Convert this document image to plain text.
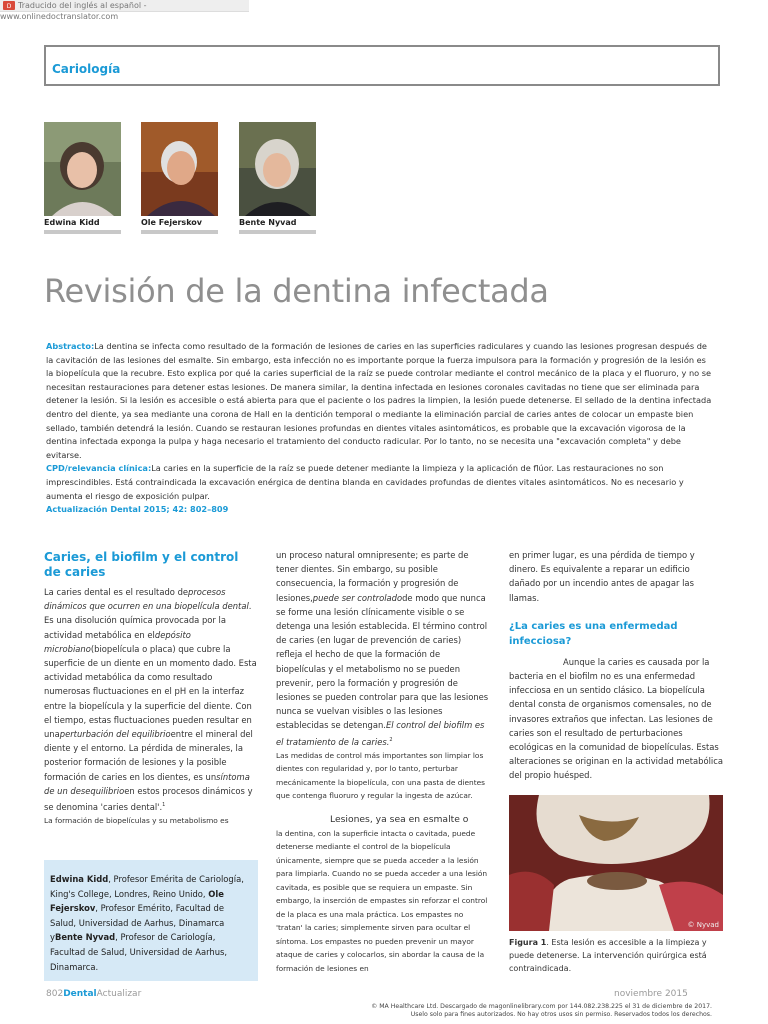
D Traducido del inglés al español - www.onlinedoctranslator.com
Cariología
Edwina Kidd	Ole Fejerskov	Bente Nyvad
Revisión de la dentina infectada
Abstracto:La dentina se infecta como resultado de la formación de lesiones de caries en las superficies radiculares y cuando las lesiones progresan después de la cavitación de las lesiones del esmalte. Sin embargo, esta infección no es importante porque la fuerza impulsora para la formación y progresión de la lesión es la biopelícula que la recubre. Esto explica por qué la caries superficial de la raíz se puede controlar mediante el control mecánico de la placa y el fluoruro, y no se necesitan restauraciones para detener estas lesiones. De manera similar, la dentina infectada en lesiones coronales cavitadas no tiene que ser eliminada para detener la lesión. Si la lesión es accesible o está abierta para que el paciente o los padres la limpien, la lesión puede detenerse. El sellado de la dentina infectada dentro del diente, ya sea mediante una corona de Hall en la dentición temporal o mediante la eliminación parcial de caries antes de colocar un empaste bien sellado, también detendrá la lesión. Cuando se restauran lesiones profundas en dientes vitales asintomáticos, es probable que la excavación vigorosa de la dentina infectada exponga la pulpa y haga necesario el tratamiento del conducto radicular. Por lo tanto, no se necesita una "excavación completa" y debe evitarse.
CPD/relevancia clínica:La caries en la superficie de la raíz se puede detener mediante la limpieza y la aplicación de flúor. Las restauraciones no son imprescindibles. Está contraindicada la excavación enérgica de dentina blanda en cavidades profundas de dientes vitales asintomáticos. No es necesario y aumenta el riesgo de exposición pulpar.
Actualización Dental 2015; 42: 802–809
Caries, el biofilm y el control de caries

La caries dental es el resultado deprocesos dinámicos que ocurren en una biopelícula dental. Es una disolución química provocada por la actividad metabólica en eldepósito microbiano(biopelícula o placa) que cubre la superficie de un diente en un momento dado. Esta actividad metabólica da como resultado numerosas fluctuaciones en el pH en la interfaz entre la biopelícula y la superficie del diente. Con el tiempo, estas fluctuaciones pueden resultar en unaperturbación del equilibrioentre el mineral del diente y el entorno. La pérdida de minerales, la posterior formación de lesiones y la posible formación de caries en los dientes, es unsíntoma de un desequilibrioen estos procesos dinámicos y se denomina 'caries dental'.$^1$

La formación de biopelículas y su metabolismo es

Edwina Kidd, Profesor Emérita de Cariología, King's College, Londres, Reino Unido, Ole Fejerskov, Profesor Emérito, Facultad de Salud, Universidad de Aarhus, Dinamarca yBente Nyvad, Profesor de Cariología, Facultad de Salud, Universidad de Aarhus, Dinamarca.

un proceso natural omnipresente; es parte de tener dientes. Sin embargo, su posible consecuencia, la formación y progresión de lesiones,puede ser controladode modo que nunca se forme una lesión clínicamente visible o se detenga una lesión establecida. El término control de caries (en lugar de prevención de caries) refleja el hecho de que la formación de biopelículas y el metabolismo no se pueden prevenir, pero la formación y progresión de lesiones se pueden controlar para que las lesiones nunca se vuelvan visibles o las lesiones establecidas se detengan.El control del biofilm es el tratamiento de la caries.$^2$

Las medidas de control más importantes son limpiar los dientes con regularidad y, por lo tanto, perturbar mecánicamente la biopelícula, con una pasta de dientes que contenga fluoruro y regular la ingesta de azúcar.

Lesiones, ya sea en esmalte o

la dentina, con la superficie intacta o cavitada, puede detenerse mediante el control de la biopelícula únicamente, siempre que se pueda acceder a la lesión para limpiarla. Cuando no se pueda acceder a una lesión cavitada, es posible que se requiera un empaste. Sin embargo, la inserción de empastes sin reforzar el control de la placa es una mala práctica. Los empastes no 'tratan' la caries; simplemente sirven para ocultar el síntoma. Los empastes no pueden prevenir un mayor ataque de caries y colocarlos, sin abordar la causa de la formación de lesiones en

en primer lugar, es una pérdida de tiempo y dinero. Es equivalente a reparar un edificio dañado por un incendio antes de apagar las llamas.

¿La caries es una enfermedad infecciosa?

Aunque la caries es causada por la bacteria en el biofilm no es una enfermedad infecciosa en un sentido clásico. La biopelícula dental consta de organismos comensales, no de invasores extraños que infectan. Las lesiones de caries son el resultado de perturbaciones ecológicas en la comunidad de biopelículas. Estas alteraciones se originan en la actividad metabólica del propio huésped.

© Nyvad
Figura 1. Esta lesión es accesible a la limpieza y puede detenerse. La intervención quirúrgica está contraindicada.
802DentalActualizar	noviembre 2015
© MA Healthcare Ltd. Descargado de magonlinelibrary.com por 144.082.238.225 el 31 de diciembre de 2017.
Uselo solo para fines autorizados. No hay otros usos sin permiso. Reservados todos los derechos.
